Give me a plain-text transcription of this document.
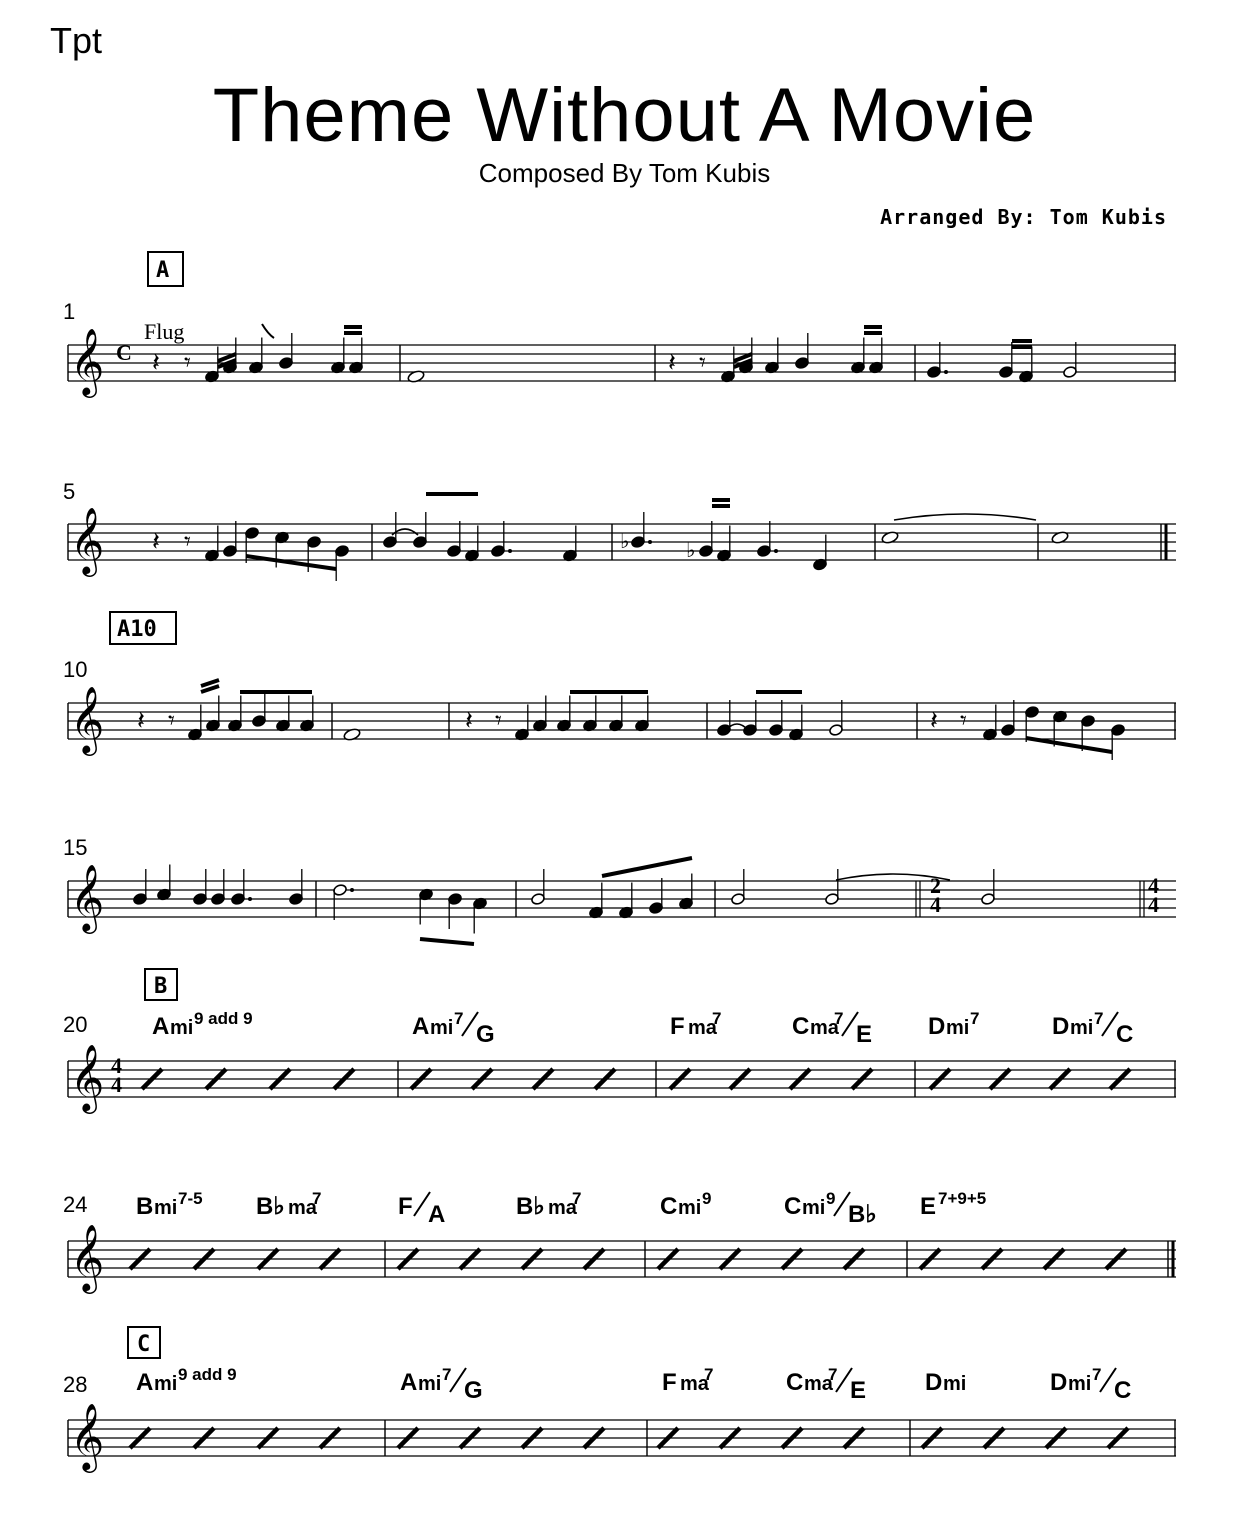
Tpt
Theme Without A Movie
Composed By Tom Kubis
Arranged By: Tom Kubis
𝄞
𝄞
𝄞
𝄞
𝄞
𝄞
𝄞
𝄽 𝄾	𝄽 𝄾
𝄽 𝄾	♭	♭
𝄽 𝄾	𝄽 𝄾	𝄽 𝄾
A
A10
B
C
1
5
10
15
20
24
28
Flug
C
2
4
4
4
4
4
A mi 9 add 9	A mi 7
G	F ma
7	C ma
7
E D mi 7	D mi 7
C
B mi 7-5 B♭ ma
7	F A	B♭ ma
7	C mi 9	C mi 9
B♭ E 7+9+5
A mi 9 add 9	A mi 7
G	F ma
7	C ma
7
E D mi	D mi 7
C
